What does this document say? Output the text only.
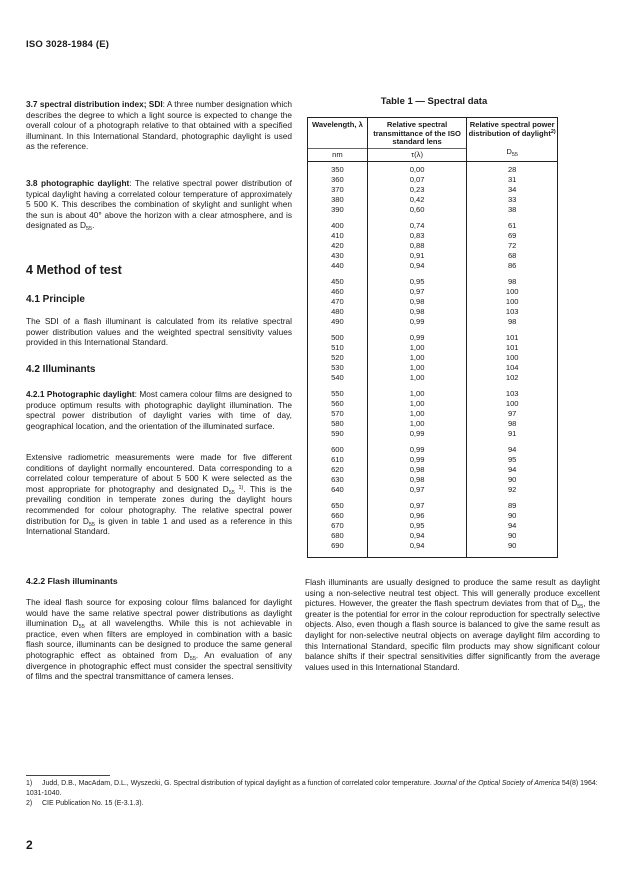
ISO 3028-1984 (E)
3.7 spectral distribution index; SDI: A three number designation which describes the degree to which a light source is expected to change the overall colour of a photograph relative to that obtained with a specified illuminant. In this International Standard, photographic daylight is used as the reference.
3.8 photographic daylight: The relative spectral power distribution of typical daylight having a correlated colour temperature of approximately 5 500 K. This describes the combination of skylight and sunlight when the sun is about 40° above the horizon with a clear atmosphere, and is designated as $D_{55}$.
4 Method of test
4.1 Principle
The SDI of a flash illuminant is calculated from its relative spectral power distribution values and the weighted spectral sensitivity values provided in this International Standard.
4.2 Illuminants
4.2.1 Photographic daylight: Most camera colour films are designed to produce optimum results with photographic daylight illumination. The spectral power distribution of daylight varies with time of day, geographical location, and the orientation of the illuminated surface.
Extensive radiometric measurements were made for five different conditions of daylight normally encountered. Data corresponding to a correlated colour temperature of about 5 500 K were selected as the most appropriate for photography and designated $D_{55}$ $^{1)}$. This is the prevailing condition in temperate zones during the daylight hours recommended for colour photography. The relative spectral power distribution for $D_{55}$ is given in table 1 and used as a reference in this International Standard.
4.2.2 Flash illuminants
The ideal flash source for exposing colour films balanced for daylight would have the same relative spectral power distributions as daylight illumination $D_{55}$ at all wavelengths. While this is not achievable in practice, even when filters are employed in combination with a basic flash source, illuminants can be designed to produce the same general photographic effect as obtained from $D_{55}$. An evaluation of any divergence in photographic effect must consider the spectral sensitivity of films and the spectral transmittance of camera lenses.
Table 1 — Spectral data
Wavelength, λ	Relative spectral transmittance of the ISO standard lens	Relative spectral power distribution of daylight$^{2)}$
nm	τ(λ)	$D_{55}$
350	0,00	28
360	0,07	31
370	0,23	34
380	0,42	33
390	0,60	38
400	0,74	61
410	0,83	69
420	0,88	72
430	0,91	68
440	0,94	86
450	0,95	98
460	0,97	100
470	0,98	100
480	0,98	103
490	0,99	98
500	0,99	101
510	1,00	101
520	1,00	100
530	1,00	104
540	1,00	102
550	1,00	103
560	1,00	100
570	1,00	97
580	1,00	98
590	0,99	91
600	0,99	94
610	0,99	95
620	0,98	94
630	0,98	90
640	0,97	92
650	0,97	89
660	0,96	90
670	0,95	94
680	0,94	90
690	0,94	90
Flash illuminants are usually designed to produce the same result as daylight using a non-selective neutral test object. This will generally produce excellent pictures. However, the greater the flash spectrum deviates from that of $D_{55}$, the greater is the potential for error in the colour reproduction for spectrally selective objects. Also, even though a flash source is balanced to give the same result as daylight for non-selective neutral objects on average daylight film according to this International Standard, specific film products may show significant colour balance shifts if their spectral sensitivities differ significantly from the average values used in this International Standard.
1) Judd, D.B., MacAdam, D.L., Wyszecki, G. Spectral distribution of typical daylight as a function of correlated color temperature. Journal of the Optical Society of America 54(8) 1964: 1031-1040.
2) CIE Publication No. 15 (E-3.1.3).
2
